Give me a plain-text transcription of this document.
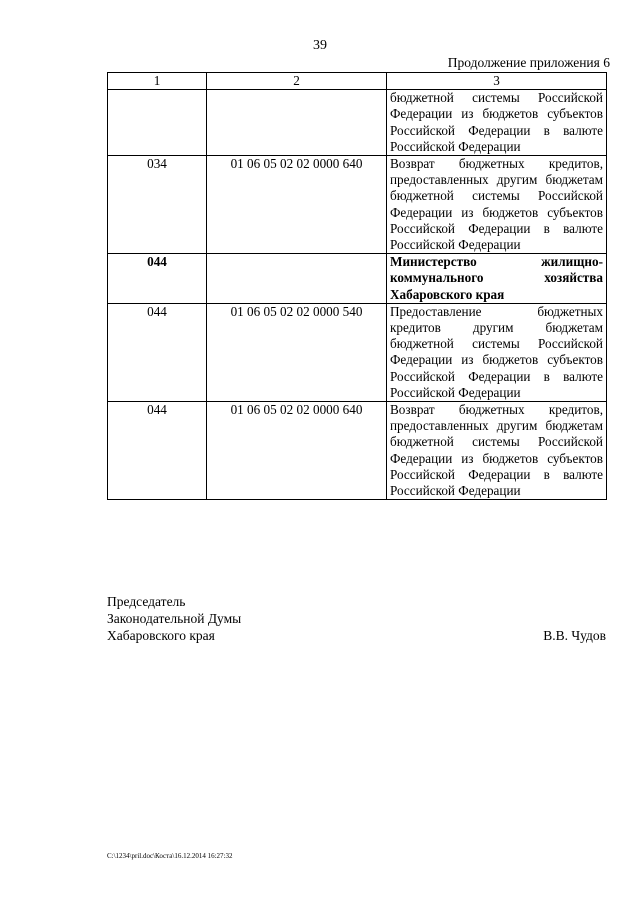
39
Продолжение приложения 6
1	2	3
		бюджетной системы Российской Федерации из бюджетов субъектов Российской Федерации в валюте Российской Федерации
034	01 06 05 02 02 0000 640	Возврат бюджетных кредитов, предоставленных другим бюджетам бюджетной системы Российской Федерации из бюджетов субъектов Российской Федерации в валюте Российской Федерации
044		Министерство жилищно-коммунального хозяйства Хабаровского края
044	01 06 05 02 02 0000 540	Предоставление бюджетных кредитов другим бюджетам бюджетной системы Российской Федерации из бюджетов субъектов Российской Федерации в валюте Российской Федерации
044	01 06 05 02 02 0000 640	Возврат бюджетных кредитов, предоставленных другим бюджетам бюджетной системы Российской Федерации из бюджетов субъектов Российской Федерации в валюте Российской Федерации
Председатель
Законодательной Думы
Хабаровского края	В.В. Чудов
C:\1234\pril.doc\Коста\16.12.2014 16:27:32
